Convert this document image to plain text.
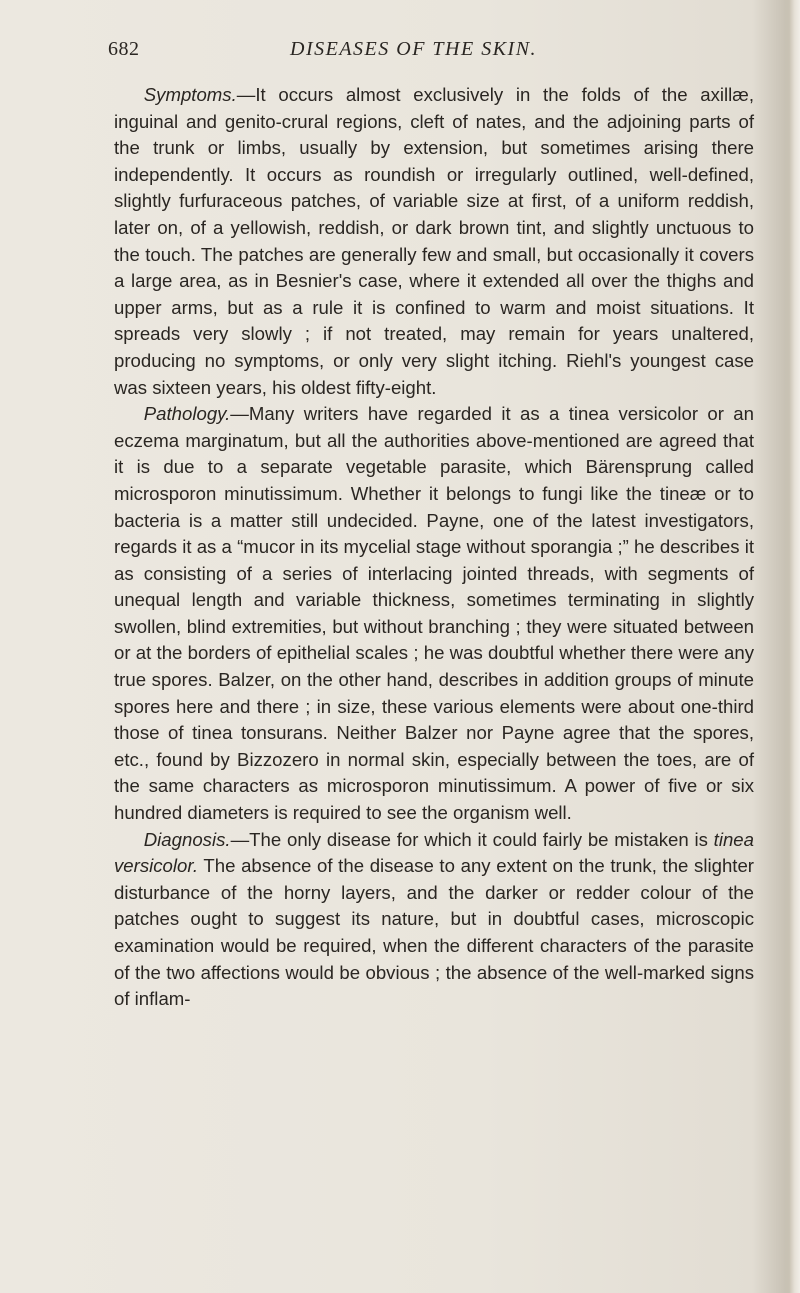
682	DISEASES OF THE SKIN.

Symptoms.—It occurs almost exclusively in the folds of the axillæ, inguinal and genito-crural regions, cleft of nates, and the adjoining parts of the trunk or limbs, usually by extension, but sometimes arising there independently. It occurs as roundish or irregularly outlined, well-defined, slightly furfuraceous patches, of variable size at first, of a uniform reddish, later on, of a yellowish, reddish, or dark brown tint, and slightly unctuous to the touch. The patches are generally few and small, but occasionally it covers a large area, as in Besnier's case, where it extended all over the thighs and upper arms, but as a rule it is confined to warm and moist situations. It spreads very slowly ; if not treated, may remain for years unaltered, producing no symptoms, or only very slight itching. Riehl's youngest case was sixteen years, his oldest fifty-eight.

Pathology.—Many writers have regarded it as a tinea versicolor or an eczema marginatum, but all the authorities above-mentioned are agreed that it is due to a separate vegetable parasite, which Bärensprung called microsporon minutissimum. Whether it belongs to fungi like the tineæ or to bacteria is a matter still undecided. Payne, one of the latest investigators, regards it as a “mucor in its mycelial stage without sporangia ;” he describes it as consisting of a series of interlacing jointed threads, with segments of unequal length and variable thickness, sometimes terminating in slightly swollen, blind extremities, but without branching ; they were situated between or at the borders of epithelial scales ; he was doubtful whether there were any true spores. Balzer, on the other hand, describes in addition groups of minute spores here and there ; in size, these various elements were about one-third those of tinea tonsurans. Neither Balzer nor Payne agree that the spores, etc., found by Bizzozero in normal skin, especially between the toes, are of the same characters as microsporon minutissimum. A power of five or six hundred diameters is required to see the organism well.

Diagnosis.—The only disease for which it could fairly be mistaken is tinea versicolor. The absence of the disease to any extent on the trunk, the slighter disturbance of the horny layers, and the darker or redder colour of the patches ought to suggest its nature, but in doubtful cases, microscopic examination would be required, when the different characters of the parasite of the two affections would be obvious ; the absence of the well-marked signs of inflam-
